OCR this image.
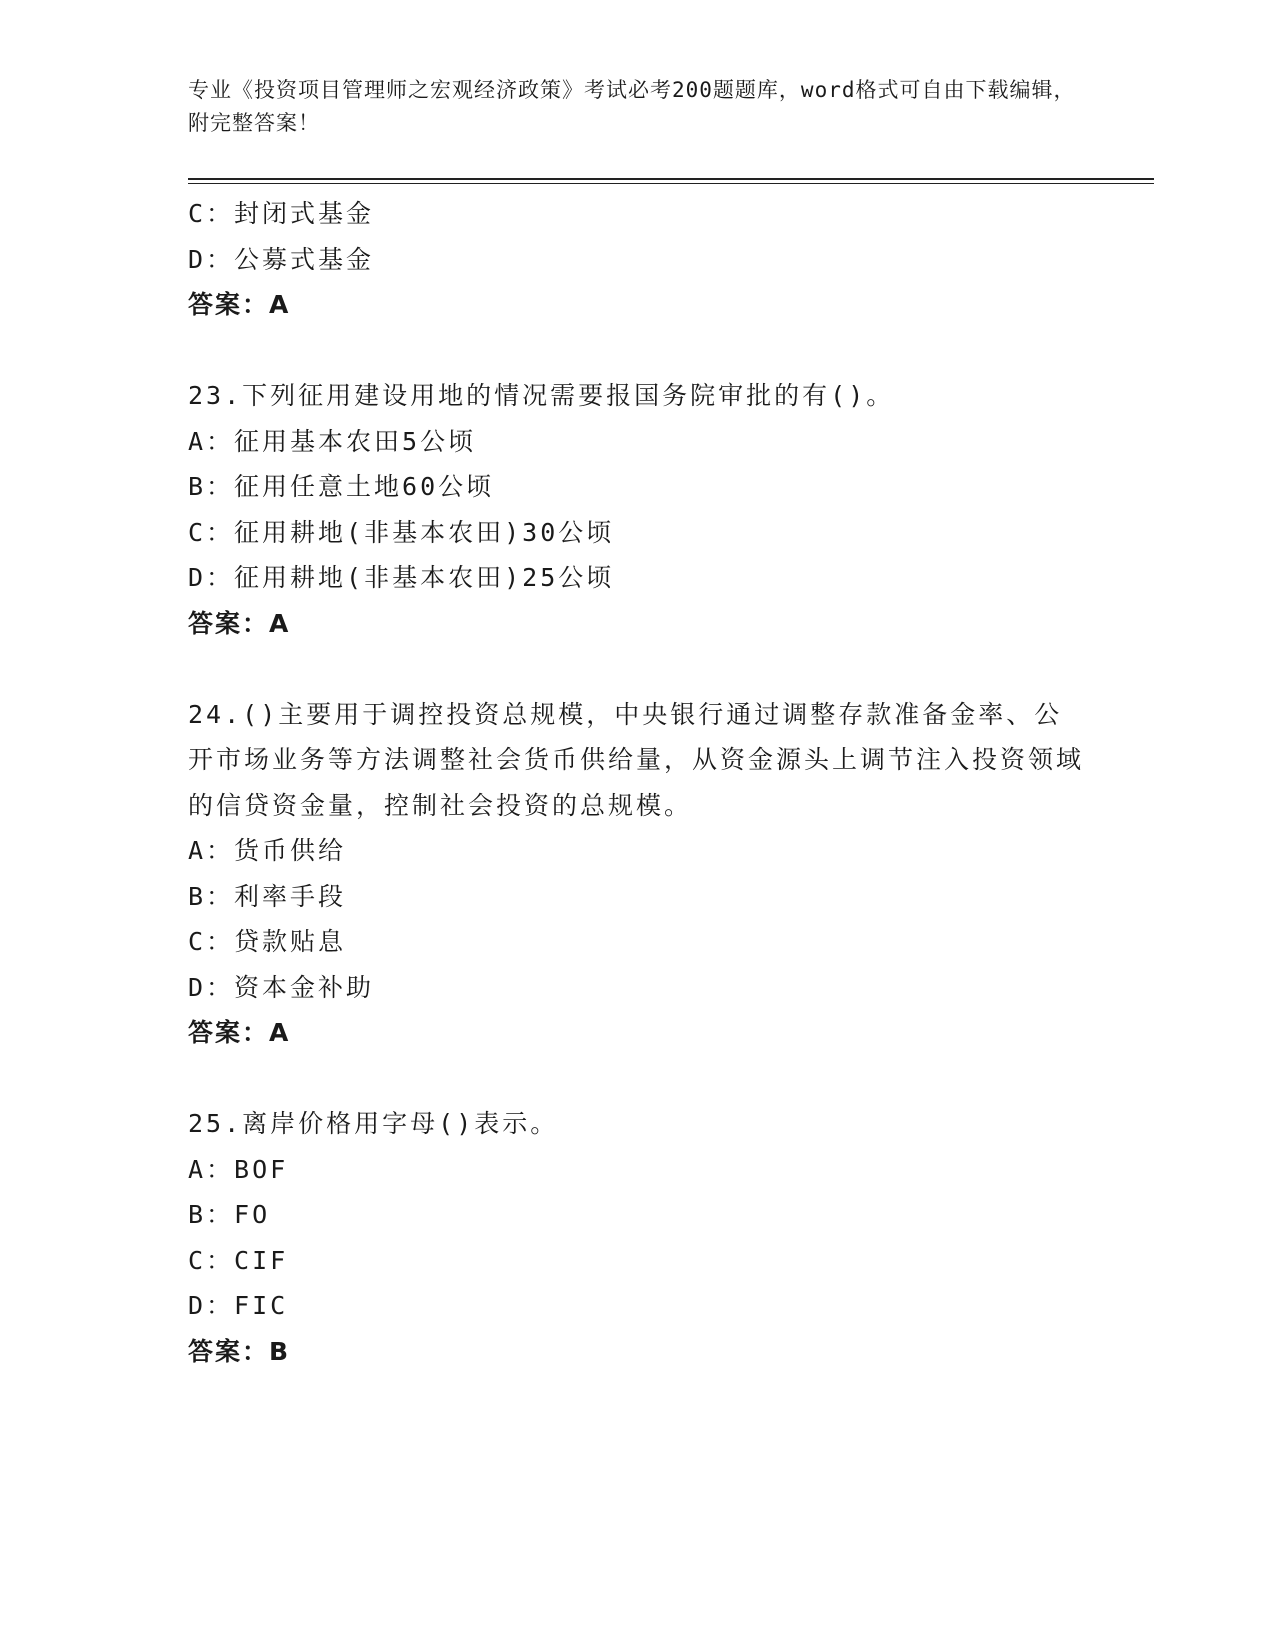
专业《投资项目管理师之宏观经济政策》考试必考200题题库，word格式可自由下载编辑，附完整答案！
C：封闭式基金
D：公募式基金
答案：A
23.下列征用建设用地的情况需要报国务院审批的有()。
A：征用基本农田5公顷
B：征用任意土地60公顷
C：征用耕地(非基本农田)30公顷
D：征用耕地(非基本农田)25公顷
答案：A
24.()主要用于调控投资总规模，中央银行通过调整存款准备金率、公开市场业务等方法调整社会货币供给量，从资金源头上调节注入投资领域的信贷资金量，控制社会投资的总规模。
A：货币供给
B：利率手段
C：贷款贴息
D：资本金补助
答案：A
25.离岸价格用字母()表示。
A：BOF
B：FO
C：CIF
D：FIC
答案：B
